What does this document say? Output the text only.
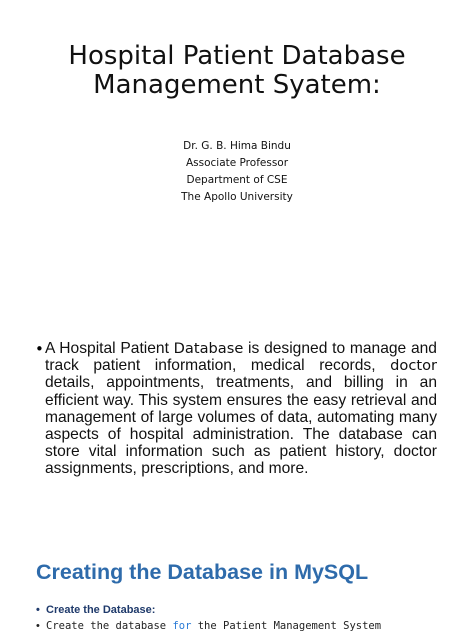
Hospital Patient Database
Management Syatem:
Dr. G. B. Hima Bindu
Associate Professor
Department of CSE
The Apollo University
• A Hospital Patient Database is designed to manage and track patient information, medical records, doctor details, appointments, treatments, and billing in an efficient way. This system ensures the easy retrieval and management of large volumes of data, automating many aspects of hospital administration. The database can store vital information such as patient history, doctor assignments, prescriptions, and more.
Creating the Database in MySQL
• Create the Database:
• Create the database for the Patient Management System
